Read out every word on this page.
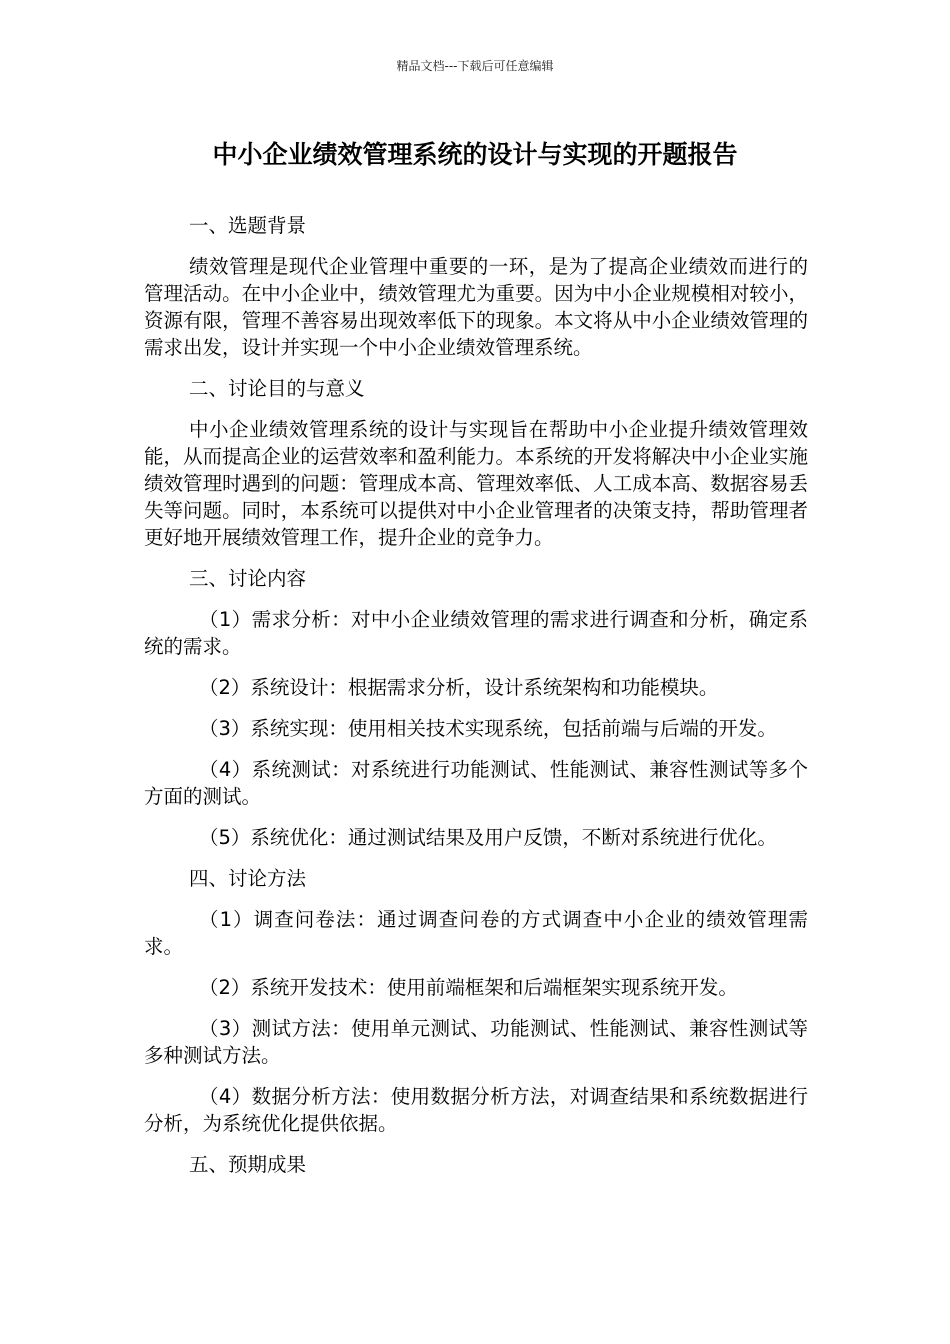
精品文档---下载后可任意编辑
中小企业绩效管理系统的设计与实现的开题报告

一、选题背景

绩效管理是现代企业管理中重要的一环，是为了提高企业绩效而进行的管理活动。在中小企业中，绩效管理尤为重要。因为中小企业规模相对较小，资源有限，管理不善容易出现效率低下的现象。本文将从中小企业绩效管理的需求出发，设计并实现一个中小企业绩效管理系统。

二、讨论目的与意义

中小企业绩效管理系统的设计与实现旨在帮助中小企业提升绩效管理效能，从而提高企业的运营效率和盈利能力。本系统的开发将解决中小企业实施绩效管理时遇到的问题：管理成本高、管理效率低、人工成本高、数据容易丢失等问题。同时，本系统可以提供对中小企业管理者的决策支持，帮助管理者更好地开展绩效管理工作，提升企业的竞争力。

三、讨论内容

（1）需求分析：对中小企业绩效管理的需求进行调查和分析，确定系统的需求。

（2）系统设计：根据需求分析，设计系统架构和功能模块。

（3）系统实现：使用相关技术实现系统，包括前端与后端的开发。

（4）系统测试：对系统进行功能测试、性能测试、兼容性测试等多个方面的测试。

（5）系统优化：通过测试结果及用户反馈，不断对系统进行优化。

四、讨论方法

（1）调查问卷法：通过调查问卷的方式调查中小企业的绩效管理需求。

（2）系统开发技术：使用前端框架和后端框架实现系统开发。

（3）测试方法：使用单元测试、功能测试、性能测试、兼容性测试等多种测试方法。

（4）数据分析方法：使用数据分析方法，对调查结果和系统数据进行分析，为系统优化提供依据。

五、预期成果
